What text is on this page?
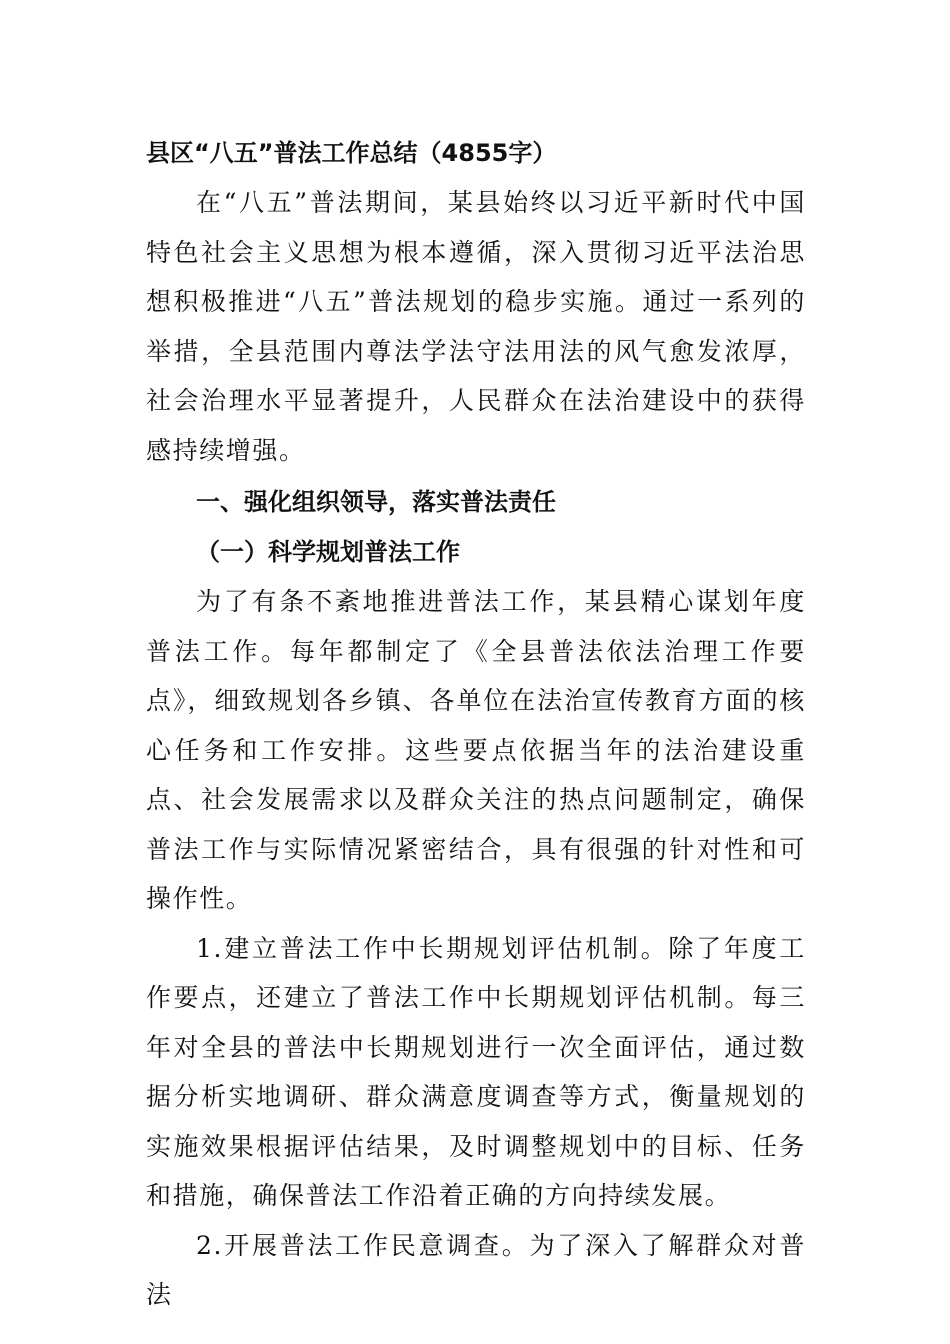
县区“八五”普法工作总结（4855字）

在“八五”普法期间，某县始终以习近平新时代中国特色社会主义思想为根本遵循，深入贯彻习近平法治思想积极推进“八五”普法规划的稳步实施。通过一系列的举措，全县范围内尊法学法守法用法的风气愈发浓厚，社会治理水平显著提升，人民群众在法治建设中的获得感持续增强。

一、强化组织领导，落实普法责任

（一）科学规划普法工作

为了有条不紊地推进普法工作，某县精心谋划年度普法工作。每年都制定了《全县普法依法治理工作要点》，细致规划各乡镇、各单位在法治宣传教育方面的核心任务和工作安排。这些要点依据当年的法治建设重点、社会发展需求以及群众关注的热点问题制定，确保普法工作与实际情况紧密结合，具有很强的针对性和可操作性。

1.建立普法工作中长期规划评估机制。除了年度工作要点，还建立了普法工作中长期规划评估机制。每三年对全县的普法中长期规划进行一次全面评估，通过数据分析实地调研、群众满意度调查等方式，衡量规划的实施效果根据评估结果，及时调整规划中的目标、任务和措施，确保普法工作沿着正确的方向持续发展。

2.开展普法工作民意调查。为了深入了解群众对普法
